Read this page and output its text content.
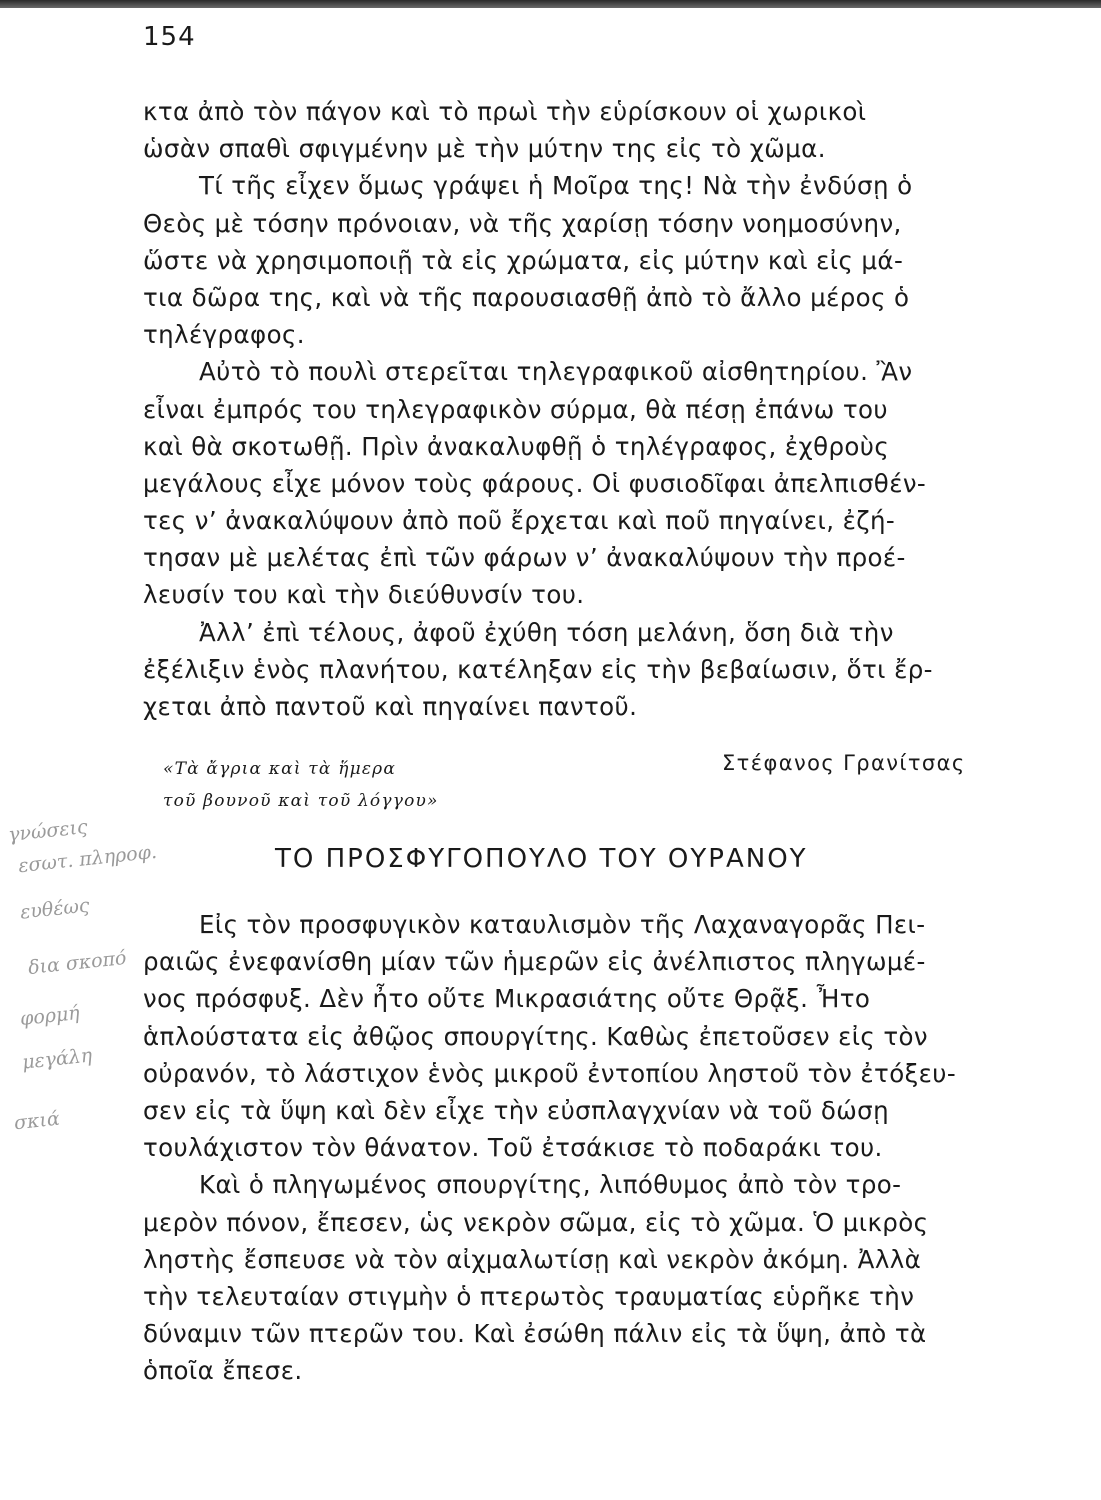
154
κτα ἀπὸ τὸν πάγον καὶ τὸ πρωὶ τὴν εὑρίσκουν οἱ χωρικοὶ
ὡσὰν σπαθὶ σφιγμένην μὲ τὴν μύτην της εἰς τὸ χῶμα.
Τί τῆς εἶχεν ὅμως γράψει ἡ Μοῖρα της! Νὰ τὴν ἐνδύσῃ ὁ
Θεὸς μὲ τόσην πρόνοιαν, νὰ τῆς χαρίσῃ τόσην νοημοσύνην,
ὥστε νὰ χρησιμοποιῇ τὰ εἰς χρώματα, εἰς μύτην καὶ εἰς μά-
τια δῶρα της, καὶ νὰ τῆς παρουσιασθῇ ἀπὸ τὸ ἄλλο μέρος ὁ
τηλέγραφος.
Αὐτὸ τὸ πουλὶ στερεῖται τηλεγραφικοῦ αἰσθητηρίου. Ἂν
εἶναι ἐμπρός του τηλεγραφικὸν σύρμα, θὰ πέσῃ ἐπάνω του
καὶ θὰ σκοτωθῇ. Πρὶν ἀνακαλυφθῇ ὁ τηλέγραφος, ἐχθροὺς
μεγάλους εἶχε μόνον τοὺς φάρους. Οἱ φυσιοδῖφαι ἀπελπισθέν-
τες ν’ ἀνακαλύψουν ἀπὸ ποῦ ἔρχεται καὶ ποῦ πηγαίνει, ἐζή-
τησαν μὲ μελέτας ἐπὶ τῶν φάρων ν’ ἀνακαλύψουν τὴν προέ-
λευσίν του καὶ τὴν διεύθυνσίν του.
Ἀλλ’ ἐπὶ τέλους, ἀφοῦ ἐχύθη τόση μελάνη, ὅση διὰ τὴν
ἐξέλιξιν ἑνὸς πλανήτου, κατέληξαν εἰς τὴν βεβαίωσιν, ὅτι ἔρ-
χεται ἀπὸ παντοῦ καὶ πηγαίνει παντοῦ.
«Τὰ ἄγρια καὶ τὰ ἥμερα
τοῦ βουνοῦ καὶ τοῦ λόγγου»
Στέφανος Γρανίτσας
ΤΟ ΠΡΟΣΦΥΓΟΠΟΥΛΟ ΤΟΥ ΟΥΡΑΝΟΥ
Εἰς τὸν προσφυγικὸν καταυλισμὸν τῆς Λαχαναγορᾶς Πει-
ραιῶς ἐνεφανίσθη μίαν τῶν ἡμερῶν εἰς ἀνέλπιστος πληγωμέ-
νος πρόσφυξ. Δὲν ἦτο οὔτε Μικρασιάτης οὔτε Θρᾷξ. Ἦτο
ἁπλούστατα εἰς ἀθῷος σπουργίτης. Καθὼς ἐπετοῦσεν εἰς τὸν
οὐρανόν, τὸ λάστιχον ἑνὸς μικροῦ ἐντοπίου ληστοῦ τὸν ἐτόξευ-
σεν εἰς τὰ ὕψη καὶ δὲν εἶχε τὴν εὐσπλαγχνίαν νὰ τοῦ δώσῃ
τουλάχιστον τὸν θάνατον. Τοῦ ἐτσάκισε τὸ ποδαράκι του.
Καὶ ὁ πληγωμένος σπουργίτης, λιπόθυμος ἀπὸ τὸν τρο-
μερὸν πόνον, ἔπεσεν, ὡς νεκρὸν σῶμα, εἰς τὸ χῶμα. Ὁ μικρὸς
ληστὴς ἔσπευσε νὰ τὸν αἰχμαλωτίσῃ καὶ νεκρὸν ἀκόμη. Ἀλλὰ
τὴν τελευταίαν στιγμὴν ὁ πτερωτὸς τραυματίας εὑρῆκε τὴν
δύναμιν τῶν πτερῶν του. Καὶ ἐσώθη πάλιν εἰς τὰ ὕψη, ἀπὸ τὰ
ὁποῖα ἔπεσε.
γνώσεις
εσωτ. πληροφ.
ευθέως
δια σκοπό
φορμή
μεγάλη
σκιά
